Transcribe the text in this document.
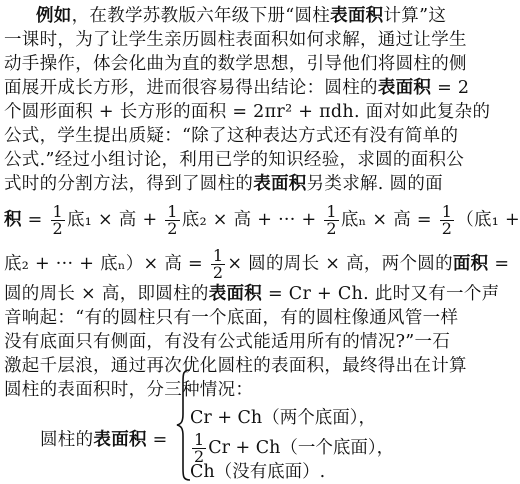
例如，在教学苏教版六年级下册“圆柱表面积计算”这
一课时，为了让学生亲历圆柱表面积如何求解，通过让学生
动手操作，体会化曲为直的数学思想，引导他们将圆柱的侧
面展开成长方形，进而很容易得出结论：圆柱的表面积 = 2
个圆形面积 + 长方形的面积 = 2πr² + πdh. 面对如此复杂的
公式，学生提出质疑：“除了这种表达方式还有没有简单的
公式.”经过小组讨论，利用已学的知识经验，求圆的面积公
式时的分割方法，得到了圆柱的表面积另类求解. 圆的面
积 = $\frac{1}{2}$ 底₁ × 高 + $\frac{1}{2}$ 底₂ × 高 + ··· + $\frac{1}{2}$ 底ₙ × 高 = $\frac{1}{2}$ （底₁ +
底₂ + ··· + 底ₙ）× 高 = $\frac{1}{2}$ × 圆的周长 × 高，两个圆的面积 =
圆的周长 × 高，即圆柱的表面积 = Cr + Ch. 此时又有一个声
音响起：“有的圆柱只有一个底面，有的圆柱像通风管一样
没有底面只有侧面，有没有公式能适用所有的情况?”一石
激起千层浪，通过再次优化圆柱的表面积，最终得出在计算
圆柱的表面积时，分三种情况：
圆柱的表面积 =
Cr + Ch（两个底面），
$\frac{1}{2}$ Cr + Ch（一个底面），
Ch（没有底面）.
